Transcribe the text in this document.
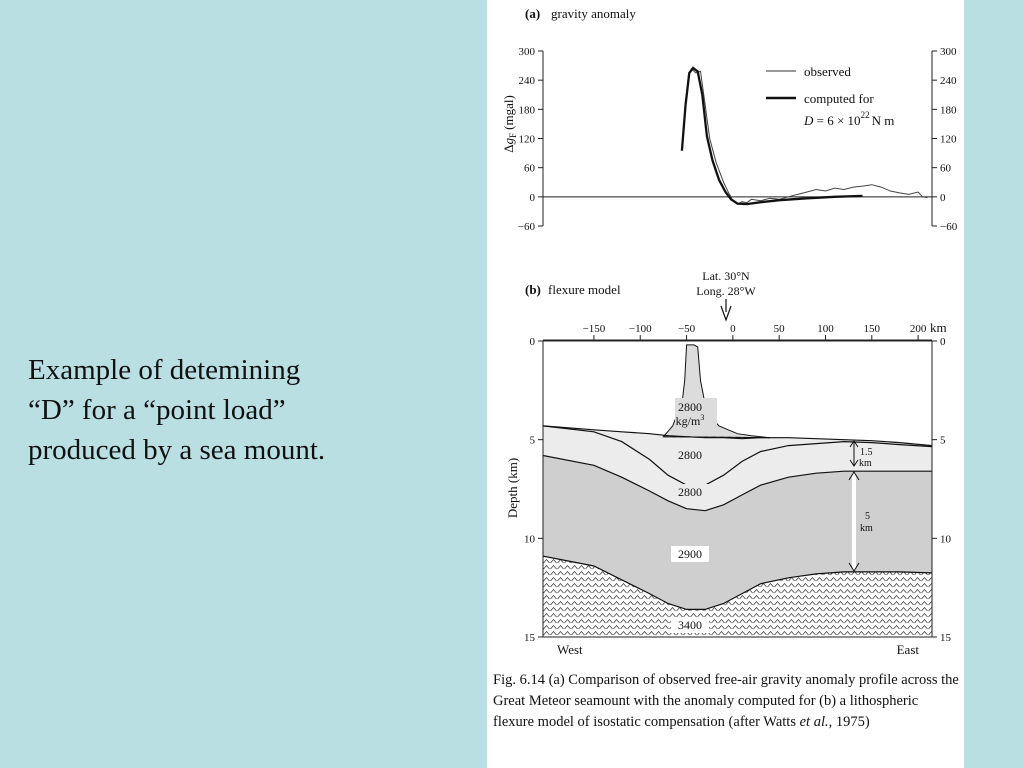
Example of detemining
“D” for a “point load”
produced by a sea mount.
(a) gravity anomaly
$\Delta g_F(mgal)$
300	300
240	240
180	180
120	120
60	60
0	0
−60	−60
observed
computed for
$D = 6 \times 10^{22}$ N m
(b) flexure model
Lat. 30°N
Long. 28°W
−150 −100 −50	0	50	100	150	200
0	0
5	5
10	10
15	15
2800
$kg/m^3$
2800
2800
2900
3400
1.5
km
5
km
West	East
km
Depth (km)
Fig. 6.14 (a) Comparison of observed free-air gravity anomaly profile across the Great Meteor seamount with the anomaly computed for (b) a lithospheric flexure model of isostatic compensation (after Watts et al., 1975)
